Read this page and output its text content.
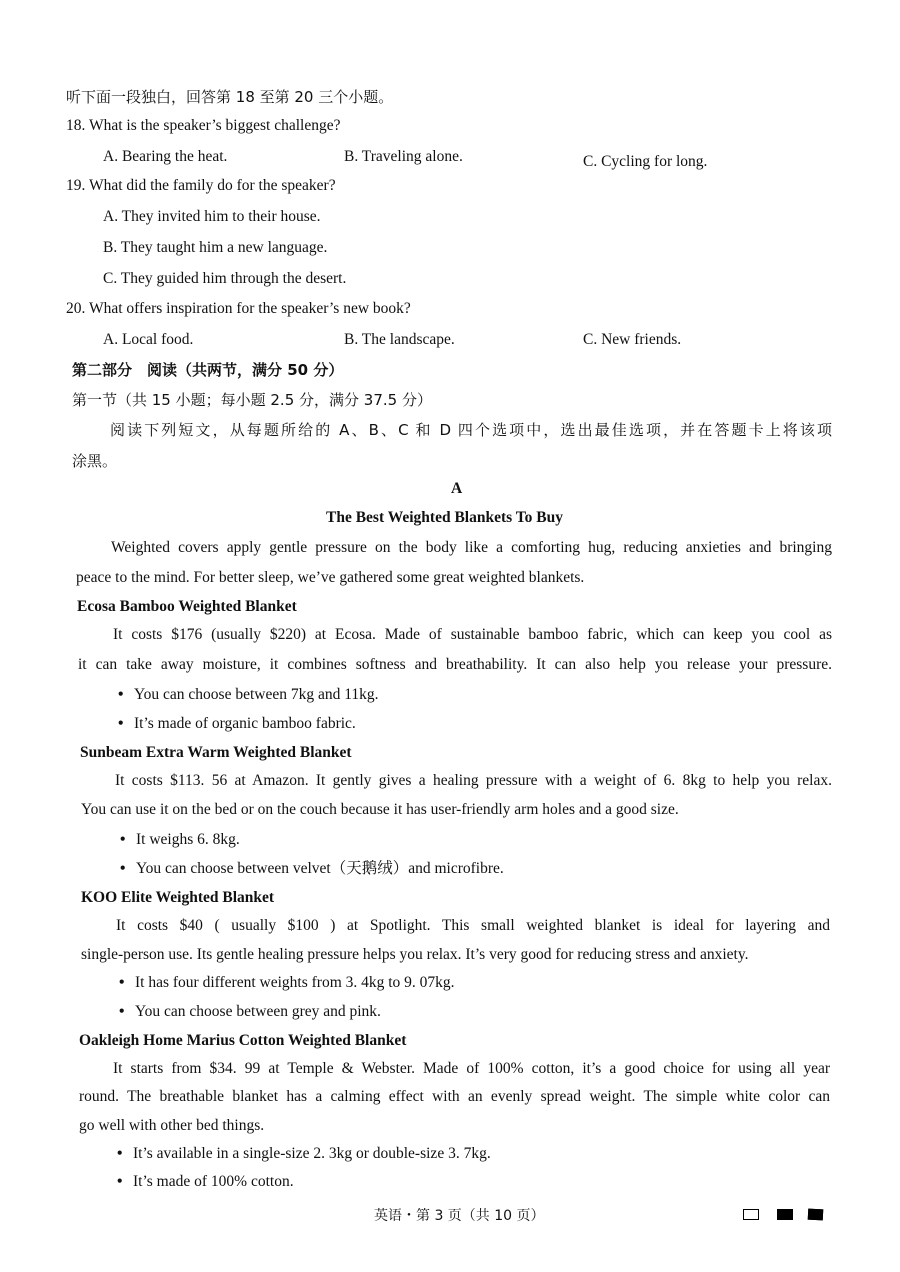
听下面一段独白，回答第 18 至第 20 三个小题。
18. What is the speaker’s biggest challenge?
A. Bearing the heat.	B. Traveling alone.	C. Cycling for long.
19. What did the family do for the speaker?
A. They invited him to their house.
B. They taught him a new language.
C. They guided him through the desert.
20. What offers inspiration for the speaker’s new book?
A. Local food.	B. The landscape.	C. New friends.
第二部分　阅读（共两节，满分 50 分）
第一节（共 15 小题；每小题 2.5 分，满分 37.5 分）
阅读下列短文，从每题所给的 A、B、C 和 D 四个选项中，选出最佳选项，并在答题卡上将该项
涂黑。
A
The Best Weighted Blankets To Buy
Weighted covers apply gentle pressure on the body like a comforting hug, reducing anxieties and bringing
peace to the mind. For better sleep, we’ve gathered some great weighted blankets.
Ecosa Bamboo Weighted Blanket
It costs $176 (usually $220) at Ecosa. Made of sustainable bamboo fabric, which can keep you cool as
it can take away moisture, it combines softness and breathability. It can also help you release your pressure.
• You can choose between 7kg and 11kg.
• It’s made of organic bamboo fabric.
Sunbeam Extra Warm Weighted Blanket
It costs $113. 56 at Amazon. It gently gives a healing pressure with a weight of 6. 8kg to help you relax.
You can use it on the bed or on the couch because it has user-friendly arm holes and a good size.
• It weighs 6. 8kg.
• You can choose between velvet（天鹅绒）and microfibre.
KOO Elite Weighted Blanket
It costs $40 ( usually $100 ) at Spotlight. This small weighted blanket is ideal for layering and
single-person use. Its gentle healing pressure helps you relax. It’s very good for reducing stress and anxiety.
• It has four different weights from 3. 4kg to 9. 07kg.
• You can choose between grey and pink.
Oakleigh Home Marius Cotton Weighted Blanket
It starts from $34. 99 at Temple & Webster. Made of 100% cotton, it’s a good choice for using all year
round. The breathable blanket has a calming effect with an evenly spread weight. The simple white color can
go well with other bed things.
• It’s available in a single-size 2. 3kg or double-size 3. 7kg.
• It’s made of 100% cotton.
英语・第 3 页（共 10 页）
